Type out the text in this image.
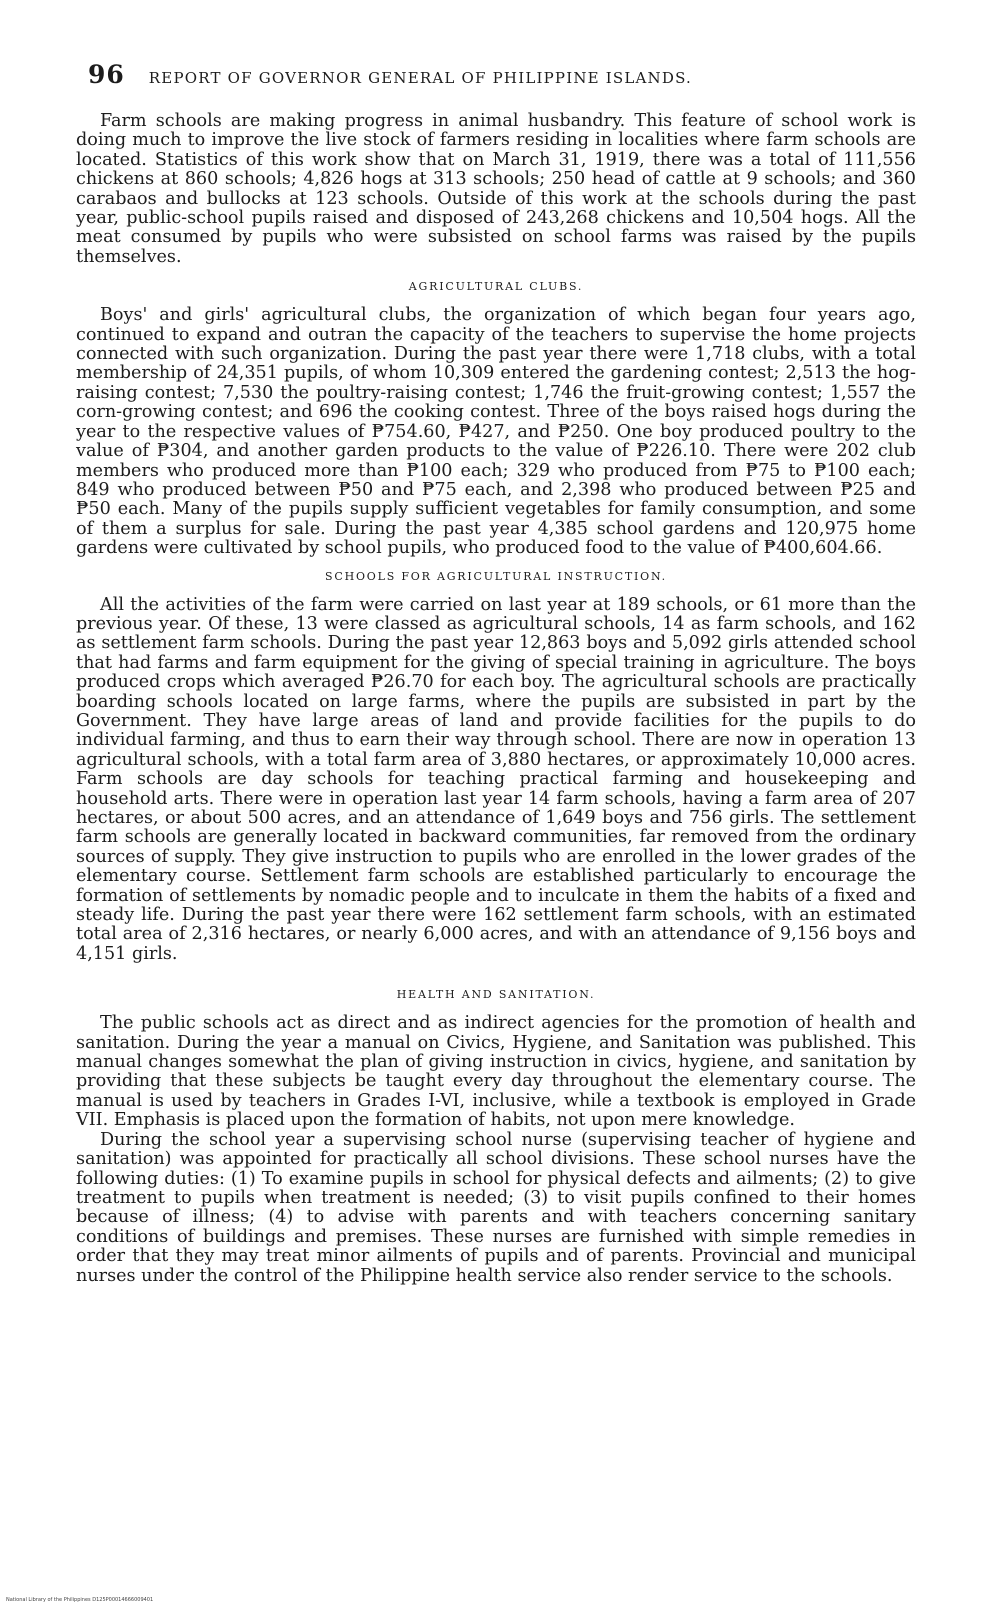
96 REPORT OF GOVERNOR GENERAL OF PHILIPPINE ISLANDS.

Farm schools are making progress in animal husbandry. This feature of school work is doing much to improve the live stock of farmers residing in localities where farm schools are located. Statistics of this work show that on March 31, 1919, there was a total of 111,556 chickens at 860 schools; 4,826 hogs at 313 schools; 250 head of cattle at 9 schools; and 360 carabaos and bullocks at 123 schools. Outside of this work at the schools during the past year, public-school pupils raised and disposed of 243,268 chickens and 10,504 hogs. All the meat consumed by pupils who were subsisted on school farms was raised by the pupils themselves.

AGRICULTURAL CLUBS.

Boys' and girls' agricultural clubs, the organization of which began four years ago, continued to expand and outran the capacity of the teachers to supervise the home projects connected with such organization. During the past year there were 1,718 clubs, with a total membership of 24,351 pupils, of whom 10,309 entered the gardening contest; 2,513 the hog-raising contest; 7,530 the poultry-raising contest; 1,746 the fruit-growing contest; 1,557 the corn-growing contest; and 696 the cooking contest. Three of the boys raised hogs during the year to the respective values of ₱754.60, ₱427, and ₱250. One boy produced poultry to the value of ₱304, and another garden products to the value of ₱226.10. There were 202 club members who produced more than ₱100 each; 329 who produced from ₱75 to ₱100 each; 849 who produced between ₱50 and ₱75 each, and 2,398 who produced between ₱25 and ₱50 each. Many of the pupils supply sufficient vegetables for family consumption, and some of them a surplus for sale. During the past year 4,385 school gardens and 120,975 home gardens were cultivated by school pupils, who produced food to the value of ₱400,604.66.

SCHOOLS FOR AGRICULTURAL INSTRUCTION.

All the activities of the farm were carried on last year at 189 schools, or 61 more than the previous year. Of these, 13 were classed as agricultural schools, 14 as farm schools, and 162 as settlement farm schools. During the past year 12,863 boys and 5,092 girls attended school that had farms and farm equipment for the giving of special training in agriculture. The boys produced crops which averaged ₱26.70 for each boy. The agricultural schools are practically boarding schools located on large farms, where the pupils are subsisted in part by the Government. They have large areas of land and provide facilities for the pupils to do individual farming, and thus to earn their way through school. There are now in operation 13 agricultural schools, with a total farm area of 3,880 hectares, or approximately 10,000 acres. Farm schools are day schools for teaching practical farming and housekeeping and household arts. There were in operation last year 14 farm schools, having a farm area of 207 hectares, or about 500 acres, and an attendance of 1,649 boys and 756 girls. The settlement farm schools are generally located in backward communities, far removed from the ordinary sources of supply. They give instruction to pupils who are enrolled in the lower grades of the elementary course. Settlement farm schools are established particularly to encourage the formation of settlements by nomadic people and to inculcate in them the habits of a fixed and steady life. During the past year there were 162 settlement farm schools, with an estimated total area of 2,316 hectares, or nearly 6,000 acres, and with an attendance of 9,156 boys and 4,151 girls.

HEALTH AND SANITATION.

The public schools act as direct and as indirect agencies for the promotion of health and sanitation. During the year a manual on Civics, Hygiene, and Sanitation was published. This manual changes somewhat the plan of giving instruction in civics, hygiene, and sanitation by providing that these subjects be taught every day throughout the elementary course. The manual is used by teachers in Grades I-VI, inclusive, while a textbook is employed in Grade VII. Emphasis is placed upon the formation of habits, not upon mere knowledge.

During the school year a supervising school nurse (supervising teacher of hygiene and sanitation) was appointed for practically all school divisions. These school nurses have the following duties: (1) To examine pupils in school for physical defects and ailments; (2) to give treatment to pupils when treatment is needed; (3) to visit pupils confined to their homes because of illness; (4) to advise with parents and with teachers concerning sanitary conditions of buildings and premises. These nurses are furnished with simple remedies in order that they may treat minor ailments of pupils and of parents. Provincial and municipal nurses under the control of the Philippine health service also render service to the schools.

National Library of the Philippines D125P00014666009401
